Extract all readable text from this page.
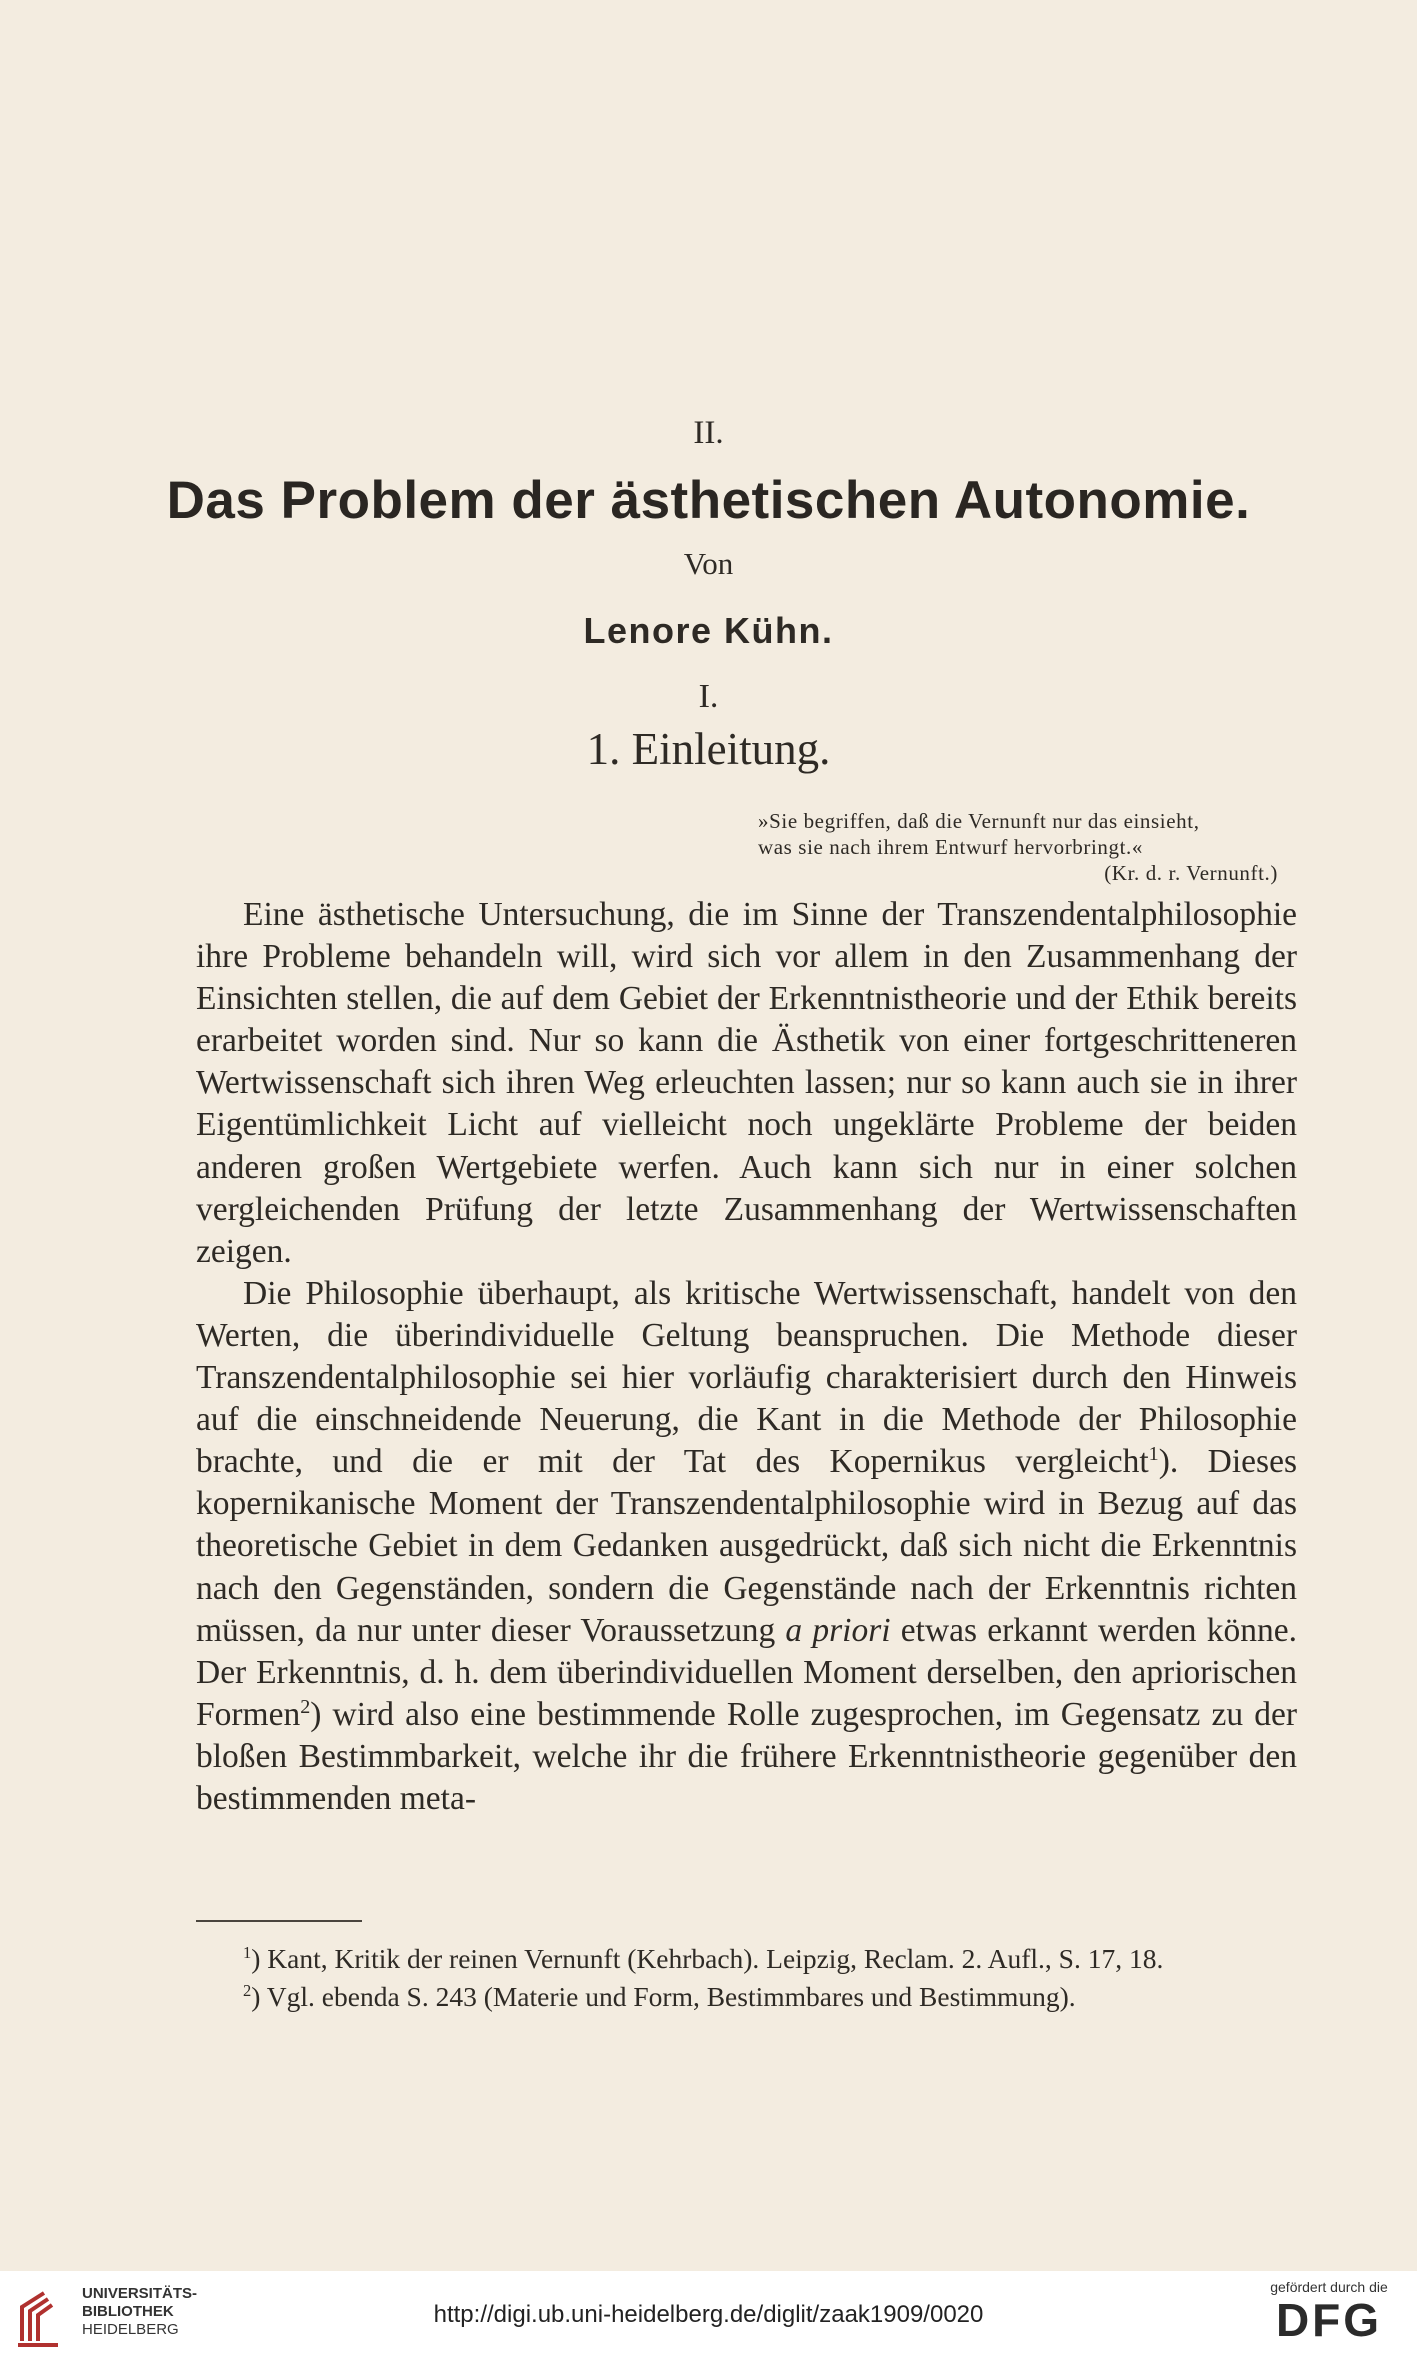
II.
Das Problem der ästhetischen Autonomie.
Von
Lenore Kühn.
I.
1. Einleitung.
»Sie begriffen, daß die Vernunft nur das einsieht,
was sie nach ihrem Entwurf hervorbringt.«
(Kr. d. r. Vernunft.)

Eine ästhetische Untersuchung, die im Sinne der Transzendentalphilosophie ihre Probleme behandeln will, wird sich vor allem in den Zusammenhang der Einsichten stellen, die auf dem Gebiet der Erkenntnistheorie und der Ethik bereits erarbeitet worden sind. Nur so kann die Ästhetik von einer fortgeschritteneren Wertwissenschaft sich ihren Weg erleuchten lassen; nur so kann auch sie in ihrer Eigentümlichkeit Licht auf vielleicht noch ungeklärte Probleme der beiden anderen großen Wertgebiete werfen. Auch kann sich nur in einer solchen vergleichenden Prüfung der letzte Zusammenhang der Wertwissenschaften zeigen.

Die Philosophie überhaupt, als kritische Wertwissenschaft, handelt von den Werten, die überindividuelle Geltung beanspruchen. Die Methode dieser Transzendentalphilosophie sei hier vorläufig charakterisiert durch den Hinweis auf die einschneidende Neuerung, die Kant in die Methode der Philosophie brachte, und die er mit der Tat des Kopernikus vergleicht$^1$). Dieses kopernikanische Moment der Transzendentalphilosophie wird in Bezug auf das theoretische Gebiet in dem Gedanken ausgedrückt, daß sich nicht die Erkenntnis nach den Gegenständen, sondern die Gegenstände nach der Erkenntnis richten müssen, da nur unter dieser Voraussetzung a priori etwas erkannt werden könne. Der Erkenntnis, d. h. dem überindividuellen Moment derselben, den apriorischen Formen$^2$) wird also eine bestimmende Rolle zugesprochen, im Gegensatz zu der bloßen Bestimmbarkeit, welche ihr die frühere Erkenntnistheorie gegenüber den bestimmenden meta-

$^1$) Kant, Kritik der reinen Vernunft (Kehrbach). Leipzig, Reclam. 2. Aufl., S. 17, 18.

$^2$) Vgl. ebenda S. 243 (Materie und Form, Bestimmbares und Bestimmung).

UNIVERSITÄTS-
BIBLIOTHEK
HEIDELBERG
http://digi.ub.uni-heidelberg.de/diglit/zaak1909/0020
gefördert durch die
DFG
